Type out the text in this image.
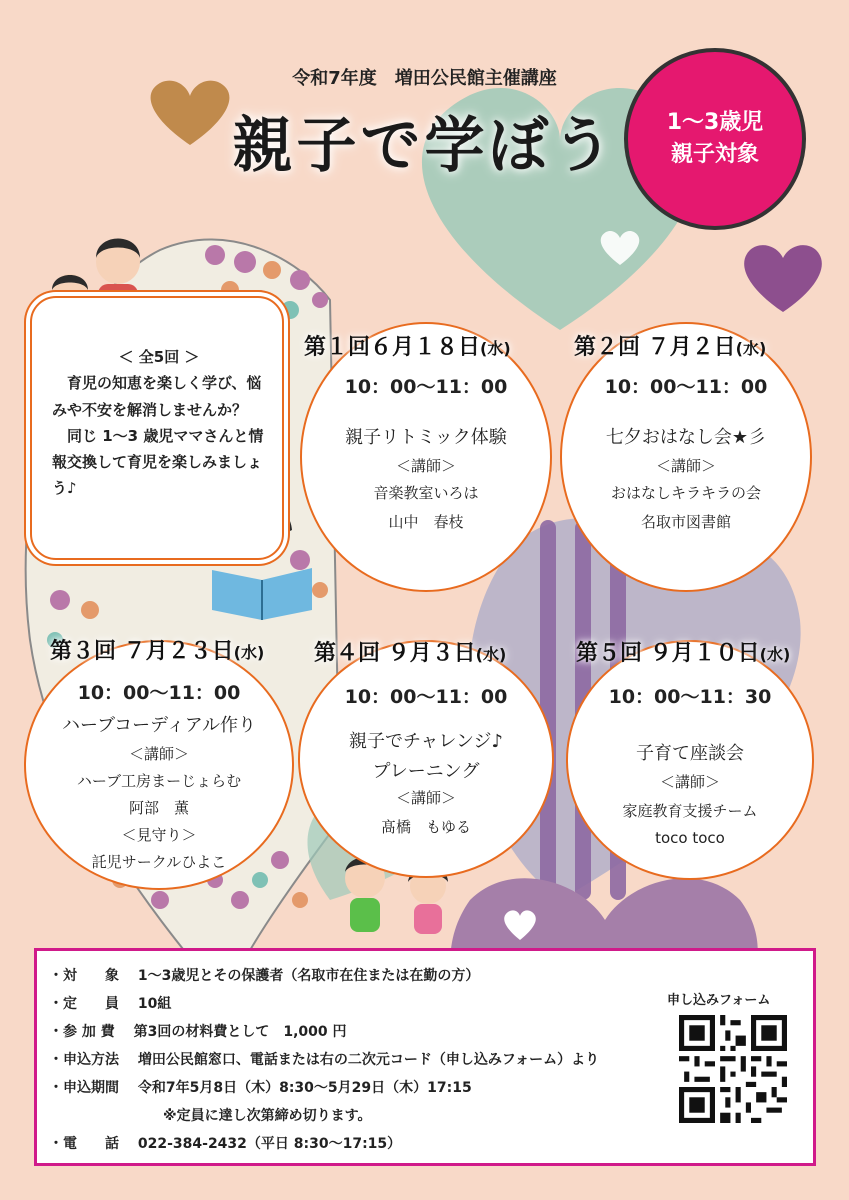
令和7年度　増田公民館主催講座
親子で学ぼう	1～3歳児
親子対象
＜ 全5回 ＞

　育児の知恵を楽しく学び、悩みや不安を解消しませんか？

　同じ 1～3 歳児ママさんと情報交換して育児を楽しみましょう♪

10：00～11：00
親子リトミック体験
＜講師＞
音楽教室いろは
山中　春枝
第１回６月１８日(水)
10：00～11：00
七夕おはなし会★彡
＜講師＞
おはなしキラキラの会
名取市図書館
第２回 ７月２日(水)
10：00～11：00
ハーブコーディアル作り
＜講師＞
ハーブ工房まーじょらむ
阿部　薫
＜見守り＞
託児サークルひよこ
第３回 ７月２３日(水)
10：00～11：00
親子でチャレンジ♪
プレーニング
＜講師＞
髙橋　もゆる
第４回 ９月３日(水)
10：00～11：30
子育て座談会
＜講師＞
家庭教育支援チーム
toco toco
第５回 ９月１０日(水)
・対　　象　 1～3歳児とその保護者（名取市在住または在勤の方）
・定　　員　 10組
・参 加 費　 第3回の材料費として　1,000 円
・申込方法　 増田公民館窓口、電話または右の二次元コード（申し込みフォーム）より
・申込期間　 令和7年5月8日（木）8:30～5月29日（木）17:15
※定員に達し次第締め切ります。
・電　　話　 022-384-2432（平日 8:30～17:15）
申し込みフォーム
